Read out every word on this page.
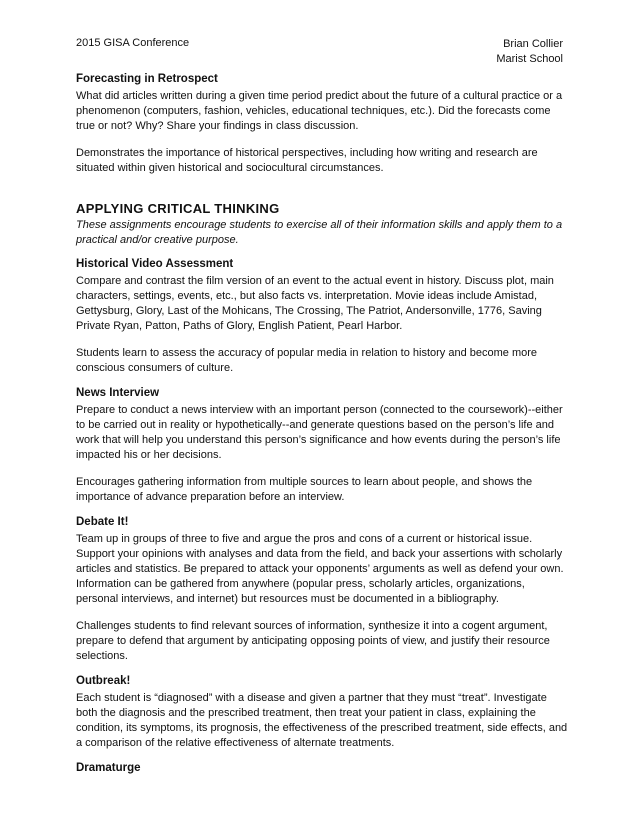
2015 GISA Conference	Brian Collier
Marist School
Forecasting in Retrospect
What did articles written during a given time period predict about the future of a cultural practice or a phenomenon (computers, fashion, vehicles, educational techniques, etc.). Did the forecasts come true or not? Why? Share your findings in class discussion.
Demonstrates the importance of historical perspectives, including how writing and research are situated within given historical and sociocultural circumstances.
APPLYING CRITICAL THINKING
These assignments encourage students to exercise all of their information skills and apply them to a practical and/or creative purpose.
Historical Video Assessment
Compare and contrast the film version of an event to the actual event in history. Discuss plot, main characters, settings, events, etc., but also facts vs. interpretation. Movie ideas include Amistad, Gettysburg, Glory, Last of the Mohicans, The Crossing, The Patriot, Andersonville, 1776, Saving Private Ryan, Patton, Paths of Glory, English Patient, Pearl Harbor.
Students learn to assess the accuracy of popular media in relation to history and become more conscious consumers of culture.
News Interview
Prepare to conduct a news interview with an important person (connected to the coursework)--either to be carried out in reality or hypothetically--and generate questions based on the person’s life and work that will help you understand this person’s significance and how events during the person’s life impacted his or her decisions.
Encourages gathering information from multiple sources to learn about people, and shows the importance of advance preparation before an interview.
Debate It!
Team up in groups of three to five and argue the pros and cons of a current or historical issue. Support your opinions with analyses and data from the field, and back your assertions with scholarly articles and statistics. Be prepared to attack your opponents’ arguments as well as defend your own. Information can be gathered from anywhere (popular press, scholarly articles, organizations, personal interviews, and internet) but resources must be documented in a bibliography.
Challenges students to find relevant sources of information, synthesize it into a cogent argument, prepare to defend that argument by anticipating opposing points of view, and justify their resource selections.
Outbreak!
Each student is “diagnosed” with a disease and given a partner that they must “treat”. Investigate both the diagnosis and the prescribed treatment, then treat your patient in class, explaining the condition, its symptoms, its prognosis, the effectiveness of the prescribed treatment, side effects, and a comparison of the relative effectiveness of alternate treatments.
Dramaturge
